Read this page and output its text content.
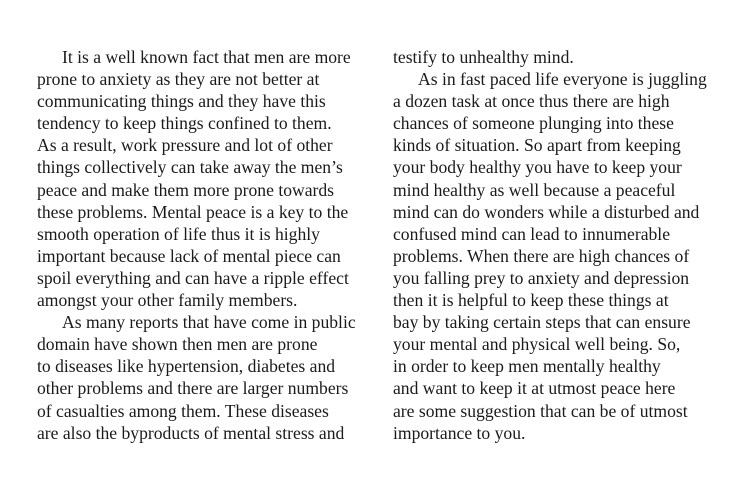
It is a well known fact that men are more
prone to anxiety as they are not better at
communicating things and they have this
tendency to keep things confined to them.
As a result, work pressure and lot of other
things collectively can take away the men’s
peace and make them more prone towards
these problems. Mental peace is a key to the
smooth operation of life thus it is highly
important because lack of mental piece can
spoil everything and can have a ripple effect
amongst your other family members.
As many reports that have come in public
domain have shown then men are prone
to diseases like hypertension, diabetes and
other problems and there are larger numbers
of casualties among them. These diseases
are also the byproducts of mental stress and
testify to unhealthy mind.
As in fast paced life everyone is juggling
a dozen task at once thus there are high
chances of someone plunging into these
kinds of situation. So apart from keeping
your body healthy you have to keep your
mind healthy as well because a peaceful
mind can do wonders while a disturbed and
confused mind can lead to innumerable
problems. When there are high chances of
you falling prey to anxiety and depression
then it is helpful to keep these things at
bay by taking certain steps that can ensure
your mental and physical well being. So,
in order to keep men mentally healthy
and want to keep it at utmost peace here
are some suggestion that can be of utmost
importance to you.
